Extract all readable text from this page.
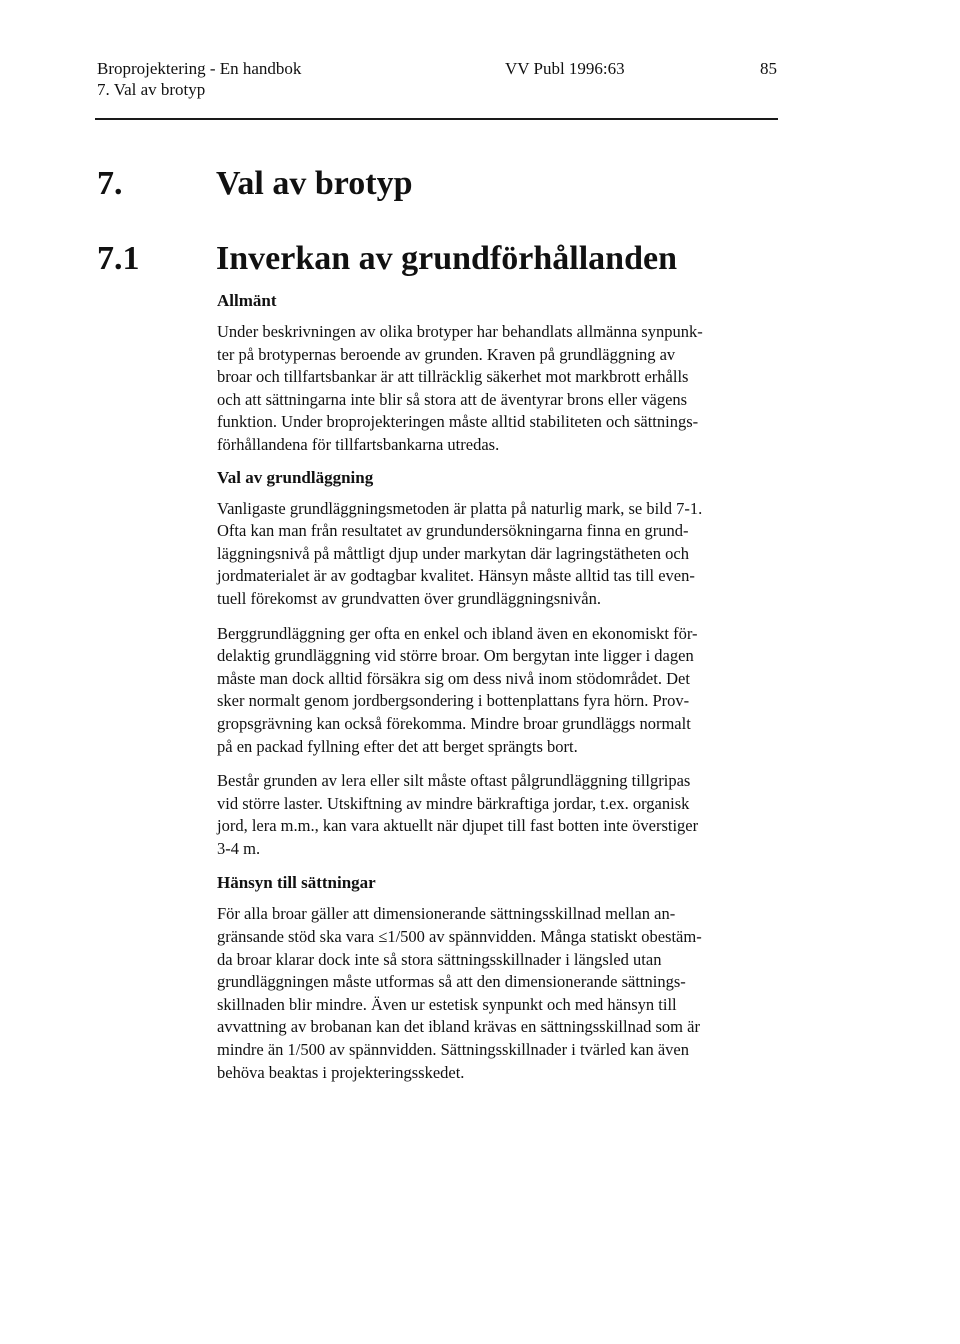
Broprojektering - En handbok
7. Val av brotyp
VV Publ 1996:63	85
7.	Val av brotyp
7.1 Inverkan av grundförhållanden

Allmänt

Under beskrivningen av olika brotyper har behandlats allmänna synpunk-
ter på brotypernas beroende av grunden. Kraven på grundläggning av
broar och tillfartsbankar är att tillräcklig säkerhet mot markbrott erhålls
och att sättningarna inte blir så stora att de äventyrar brons eller vägens
funktion. Under broprojekteringen måste alltid stabiliteten och sättnings-
förhållandena för tillfartsbankarna utredas.

Val av grundläggning

Vanligaste grundläggningsmetoden är platta på naturlig mark, se bild 7-1.
Ofta kan man från resultatet av grundundersökningarna finna en grund-
läggningsnivå på måttligt djup under markytan där lagringstätheten och
jordmaterialet är av godtagbar kvalitet. Hänsyn måste alltid tas till even-
tuell förekomst av grundvatten över grundläggningsnivån.

Berggrundläggning ger ofta en enkel och ibland även en ekonomiskt för-
delaktig grundläggning vid större broar. Om bergytan inte ligger i dagen
måste man dock alltid försäkra sig om dess nivå inom stödområdet. Det
sker normalt genom jordbergsondering i bottenplattans fyra hörn. Prov-
gropsgrävning kan också förekomma. Mindre broar grundläggs normalt
på en packad fyllning efter det att berget sprängts bort.

Består grunden av lera eller silt måste oftast pålgrundläggning tillgripas
vid större laster. Utskiftning av mindre bärkraftiga jordar, t.ex. organisk
jord, lera m.m., kan vara aktuellt när djupet till fast botten inte överstiger
3-4 m.

Hänsyn till sättningar

För alla broar gäller att dimensionerande sättningsskillnad mellan an-
gränsande stöd ska vara ≤1/500 av spännvidden. Många statiskt obestäm-
da broar klarar dock inte så stora sättningsskillnader i längsled utan
grundläggningen måste utformas så att den dimensionerande sättnings-
skillnaden blir mindre. Även ur estetisk synpunkt och med hänsyn till
avvattning av brobanan kan det ibland krävas en sättningsskillnad som är
mindre än 1/500 av spännvidden. Sättningsskillnader i tvärled kan även
behöva beaktas i projekteringsskedet.
